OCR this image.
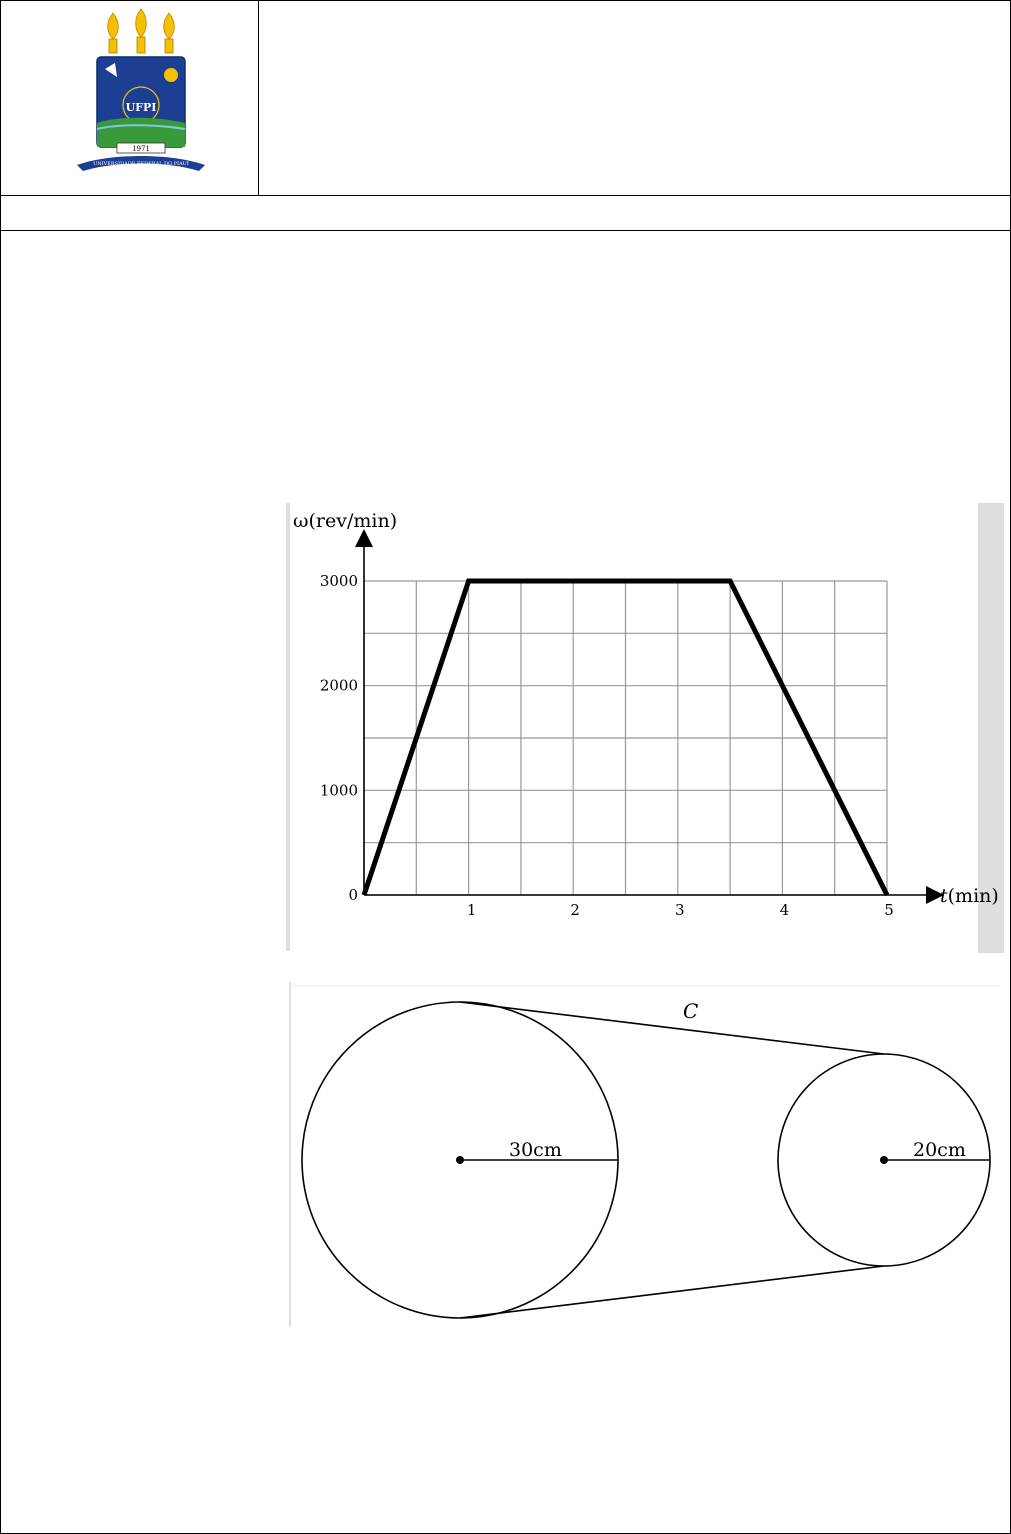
UFPI
1971
UNIVERSIDADE FEDERAL DO PIAUÍ
0
1000
2000
3000
1	2	3	4	5
ω(rev/min)
t(min)
30cm	20cm
C
